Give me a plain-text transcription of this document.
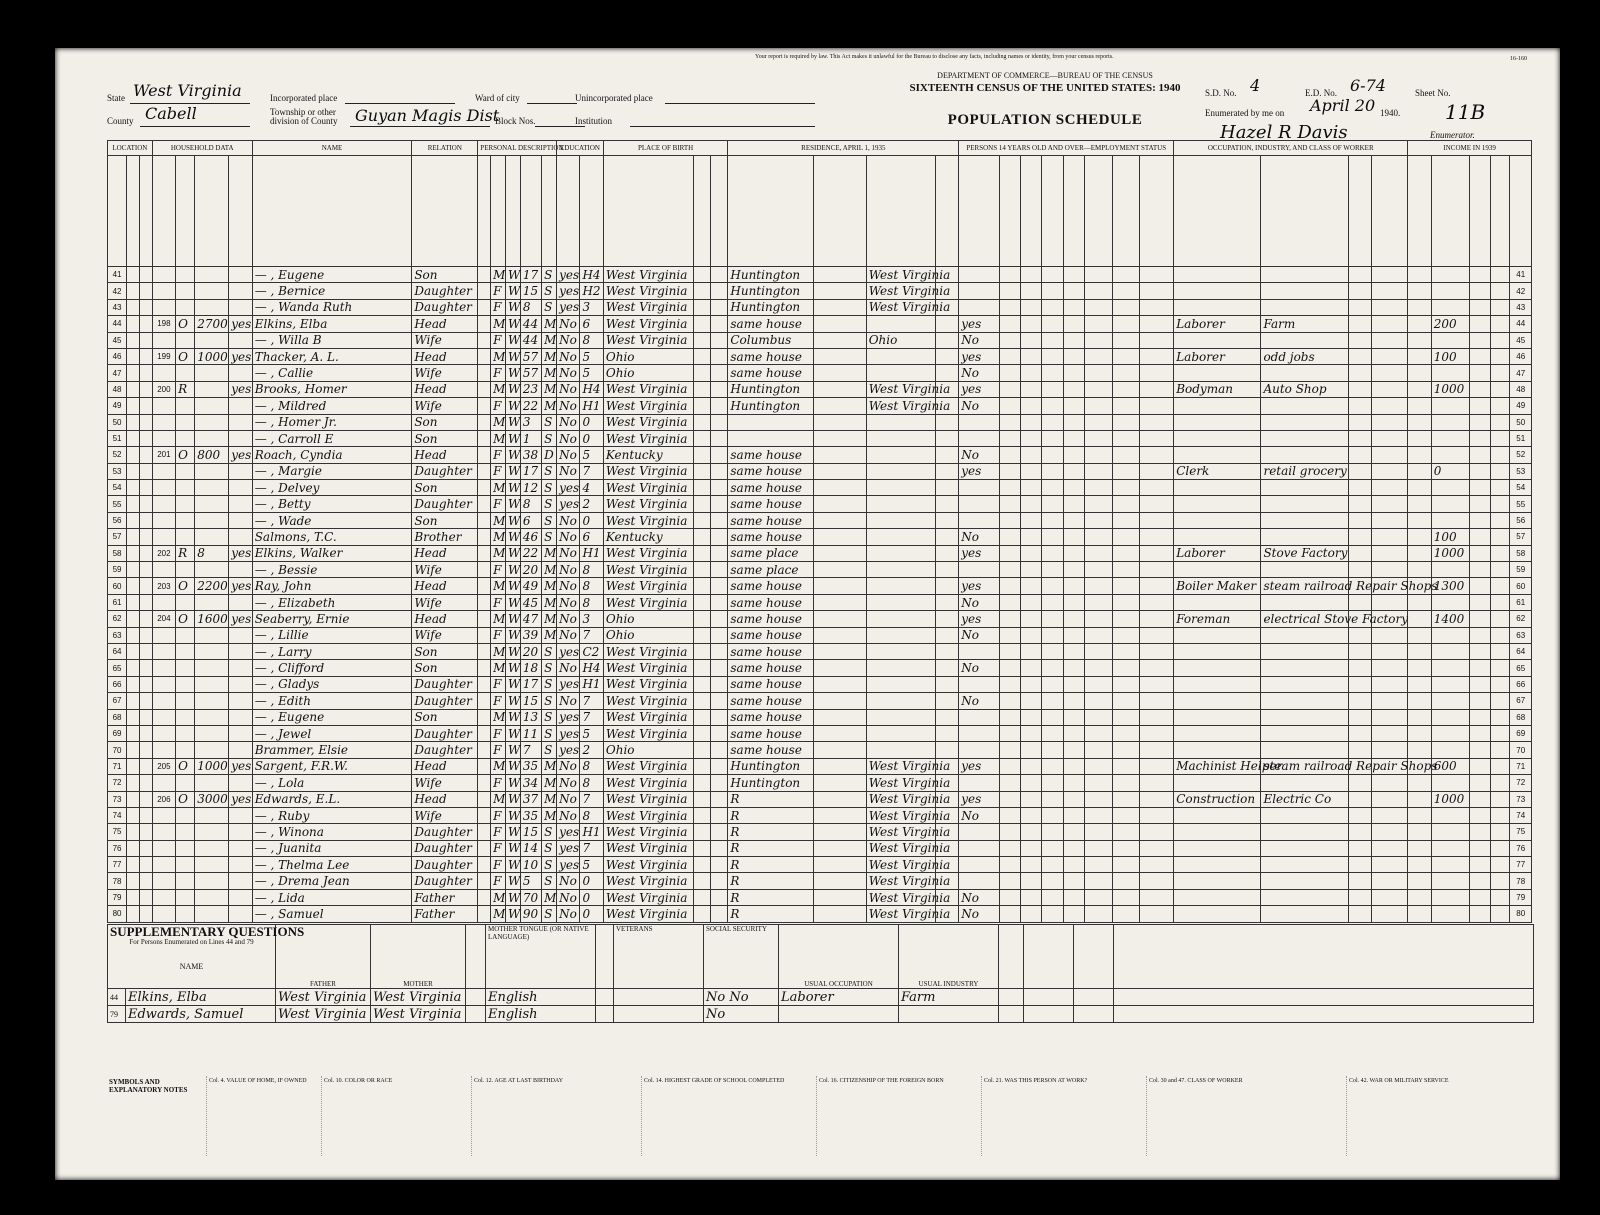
Your report is required by law. This Act makes it unlawful for the Bureau to disclose any facts, including names or identity, from your census reports.	16-160
State West Virginia
County Cabell
Incorporated place
Township or other division of County	Guyan Magis Dist
Ward of city
Block Nos.
Unincorporated place
Institution
DEPARTMENT OF COMMERCE—BUREAU OF THE CENSUS
SIXTEENTH CENSUS OF THE UNITED STATES: 1940
POPULATION SCHEDULE
S.D. No. 4	E.D. No. 6-74	Sheet No.
11B
Enumerated by me on April 20 1940.
Hazel R Davis	Enumerator.
LOCATION			HOUSEHOLD DATA				NAME	RELATION	PERSONAL DESCRIPTION					EDUCATION		PLACE OF BIRTH			RESIDENCE, APRIL 1, 1935				PERSONS 14 YEARS OLD AND OVER—EMPLOYMENT STATUS								OCCUPATION, INDUSTRY, AND CLASS OF WORKER				INCOME IN 1939				

41							— , Eugene	Son		M	W	17	S	yes	H4	West Virginia			Huntington		West Virginia																		41
42							— , Bernice	Daughter		F	W	15	S	yes	H2	West Virginia			Huntington		West Virginia																		42
43							— , Wanda Ruth	Daughter		F	W	8	S	yes	3	West Virginia			Huntington		West Virginia																		43
44			198	O	2700	yes	Elkins, Elba	Head		M	W	44	M	No	6	West Virginia			same house				yes								Laborer	Farm				200			44
45							— , Willa B	Wife		F	W	44	M	No	8	West Virginia			Columbus		Ohio		No																45
46			199	O	1000	yes	Thacker, A. L.	Head		M	W	57	M	No	5	Ohio			same house				yes								Laborer	odd jobs				100			46
47							— , Callie	Wife		F	W	57	M	No	5	Ohio			same house				No																47
48			200	R		yes	Brooks, Homer	Head		M	W	23	M	No	H4	West Virginia			Huntington		West Virginia		yes								Bodyman	Auto Shop				1000			48
49							— , Mildred	Wife		F	W	22	M	No	H1	West Virginia			Huntington		West Virginia		No																49
50							— , Homer Jr.	Son		M	W	3	S	No	0	West Virginia																							50
51							— , Carroll E	Son		M	W	1	S	No	0	West Virginia																							51
52			201	O	800	yes	Roach, Cyndia	Head		F	W	38	D	No	5	Kentucky			same house				No																52
53							— , Margie	Daughter		F	W	17	S	No	7	West Virginia			same house				yes								Clerk	retail grocery				0			53
54							— , Delvey	Son		M	W	12	S	yes	4	West Virginia			same house																				54
55							— , Betty	Daughter		F	W	8	S	yes	2	West Virginia			same house																				55
56							— , Wade	Son		M	W	6	S	No	0	West Virginia			same house																				56
57							Salmons, T.C.	Brother		M	W	46	S	No	6	Kentucky			same house				No													100			57
58			202	R	8	yes	Elkins, Walker	Head		M	W	22	M	No	H1	West Virginia			same place				yes								Laborer	Stove Factory				1000			58
59							— , Bessie	Wife		F	W	20	M	No	8	West Virginia			same place																				59
60			203	O	2200	yes	Ray, John	Head		M	W	49	M	No	8	West Virginia			same house				yes								Boiler Maker	steam railroad Repair Shops				1300			60
61							— , Elizabeth	Wife		F	W	45	M	No	8	West Virginia			same house				No																61
62			204	O	1600	yes	Seaberry, Ernie	Head		M	W	47	M	No	3	Ohio			same house				yes								Foreman	electrical Stove Factory				1400			62
63							— , Lillie	Wife		F	W	39	M	No	7	Ohio			same house				No																63
64							— , Larry	Son		M	W	20	S	yes	C2	West Virginia			same house																				64
65							— , Clifford	Son		M	W	18	S	No	H4	West Virginia			same house				No																65
66							— , Gladys	Daughter		F	W	17	S	yes	H1	West Virginia			same house																				66
67							— , Edith	Daughter		F	W	15	S	No	7	West Virginia			same house				No																67
68							— , Eugene	Son		M	W	13	S	yes	7	West Virginia			same house																				68
69							— , Jewel	Daughter		F	W	11	S	yes	5	West Virginia			same house																				69
70							Brammer, Elsie	Daughter		F	W	7	S	yes	2	Ohio			same house																				70
71			205	O	1000	yes	Sargent, F.R.W.	Head		M	W	35	M	No	8	West Virginia			Huntington		West Virginia		yes								Machinist Helper	steam railroad Repair Shops				600			71
72							— , Lola	Wife		F	W	34	M	No	8	West Virginia			Huntington		West Virginia																		72
73			206	O	3000	yes	Edwards, E.L.	Head		M	W	37	M	No	7	West Virginia			R		West Virginia		yes								Construction	Electric Co				1000			73
74							— , Ruby	Wife		F	W	35	M	No	8	West Virginia			R		West Virginia		No																74
75							— , Winona	Daughter		F	W	15	S	yes	H1	West Virginia			R		West Virginia																		75
76							— , Juanita	Daughter		F	W	14	S	yes	7	West Virginia			R		West Virginia																		76
77							— , Thelma Lee	Daughter		F	W	10	S	yes	5	West Virginia			R		West Virginia																		77
78							— , Drema Jean	Daughter		F	W	5	S	No	0	West Virginia			R		West Virginia																		78
79							— , Lida	Father		M	W	70	M	No	0	West Virginia			R		West Virginia		No																79
80							— , Samuel	Father		M	W	90	S	No	0	West Virginia			R		West Virginia		No																80
SUPPLEMENTARY QUESTIONS
For Persons Enumerated on Lines 44 and 79
NAME		FATHER	MOTHER		MOTHER TONGUE (OR NATIVE LANGUAGE)		VETERANS	SOCIAL SECURITY	USUAL OCCUPATION	USUAL INDUSTRY				
44	Elkins, Elba	West Virginia	West Virginia		English			No No	Laborer	Farm				
79	Edwards, Samuel	West Virginia	West Virginia		English			No						
SYMBOLS AND EXPLANATORY NOTES
Col. 4. VALUE OF HOME, IF OWNED	Col. 10. COLOR OR RACE	Col. 12. AGE AT LAST BIRTHDAY	Col. 14. HIGHEST GRADE OF SCHOOL COMPLETED	Col. 16. CITIZENSHIP OF THE FOREIGN BORN	Col. 21. WAS THIS PERSON AT WORK?	Col. 30 and 47. CLASS OF WORKER	Col. 42. WAR OR MILITARY SERVICE
